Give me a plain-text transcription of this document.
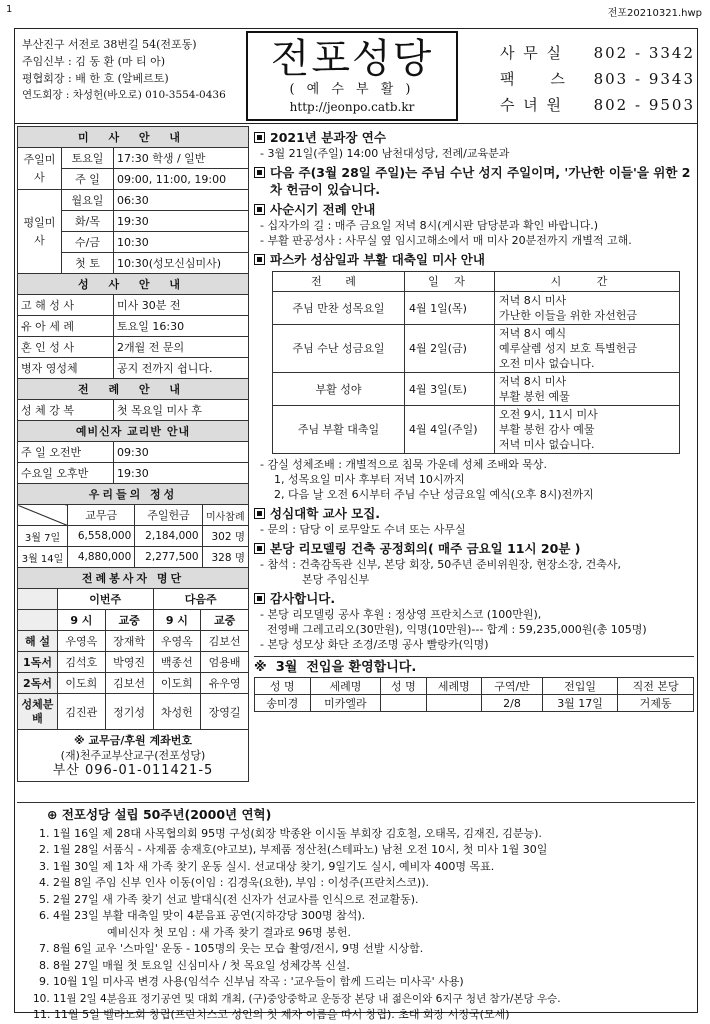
1	전포20210321.hwp
부산진구 서전로 38번길 54(전포동)
주임신부 : 김 동 환 (마 티 아)
평협회장 : 배 한 호 (알베르토)
연도회장 : 차성헌(바오로) 010-3554-0436
전포성당
( 예 수 부 활 )
http://jeonpo.catb.kr
사 무 실 802 - 3342
팩     스 803 - 9343
수 녀 원 802 - 9503
미 사 안 내		
주일미사	토요일	17:30 학생 / 일반
	주 일	09:00, 11:00, 19:00
평일미사	월요일	06:30
	화/목	19:30
	수/금	10:30
	첫 토	10:30(성모신심미사)
성 사 안 내	
고 해 성 사	미사 30분 전
유 아 세 례	토요일 16:30
혼 인 성 사	2개월 전 문의
병자 영성체	공지 전까지 쉽니다.
전 례 안 내	
성 체 강 복	첫 목요일 미사 후
예비신자 교리반 안내	
주 일 오전반	09:30
수요일 오후반	19:30
우리들의 정성			
	교무금	주일헌금	미사참례
3월 7일	6,558,000	2,184,000	302 명
3월 14일	4,880,000	2,277,500	328 명
전례봉사자 명단				
	이번주		다음주	
	9 시	교중	9 시	교중
해 설	우영옥	장재학	우영옥	김보선
1독서	김석호	박영진	백종선	엄용배
2독서	이도희	김보선	이도희	유우영
성체분배	김진관	정기성	차성헌	장영길
※ 교무금/후원 계좌번호
(재)천주교부산교구(전포성당)
부산 096-01-011421-5
2021년 분과장 연수
- 3월 21일(주일) 14:00 남천대성당, 전례/교육분과
다음 주(3월 28일 주일)는 주님 수난 성지 주일이며, '가난한 이들'을 위한 2차 헌금이 있습니다.
사순시기 전례 안내
- 십자가의 길 : 매주 금요일 저녁 8시(게시판 담당분과 확인 바랍니다.)
- 부활 판공성사 : 사무실 옆 임시고해소에서 매 미사 20분전까지 개별적 고해.
파스카 성삼일과 부활 대축일 미사 안내
전 례	일 자	시 간
주님 만찬 성목요일	4월 1일(목)	저녁 8시 미사
가난한 이들을 위한 자선헌금

주님 수난 성금요일	4월 2일(금)	저녁 8시 예식
예루살렘 성지 보호 특별헌금
오전 미사 없습니다.

부활 성야	4월 3일(토)	저녁 8시 미사
부활 봉헌 예물

주님 부활 대축일	4월 4일(주일)	오전 9시, 11시 미사
부활 봉헌 감사 예물
저녁 미사 없습니다.
- 감실 성체조배 : 개별적으로 침묵 가운데 성체 조배와 묵상.
1, 성목요일 미사 후부터 저녁 10시까지
2, 다음 날 오전 6시부터 주님 수난 성금요일 예식(오후 8시)전까지
성심대학 교사 모집.
- 문의 : 담당 이 로무알도 수녀 또는 사무실
본당 리모델링 건축 공정회의( 매주 금요일 11시 20분 )
- 참석 : 건축감독관 신부, 본당 회장, 50주년 준비위원장, 현장소장, 건축사,
본당 주임신부
감사합니다.
- 본당 리모델링 공사 후원 : 정상영 프란치스코 (100만원),
전영배 그레고리오(30만원), 익명(10만원)--- 합계 : 59,235,000원(총 105명)
- 본당 성모상 화단 조경/조명 공사 빨랑카(익명)
※  3월  전입을 환영합니다.
성 명	세례명	성 명	세례명	구역/반	전입일	직전 본당
송미경	미카엘라			2/8	3월 17일	거제동
⊕ 전포성당 설립 50주년(2000년 연혁)
1. 1월 16일 제 28대 사목협의회 95명 구성(회장 박종완 이시돌 부회장 김호철, 오태목, 김재진, 김분능).
2. 1월 28일 서품식 - 사제품 송재호(야고보), 부제품 정산천(스테파노) 남천 오전 10시, 첫 미사 1월 30일
3. 1월 30일 제 1차 새 가족 찾기 운동 실시. 선교대상 찾기, 9일기도 실시, 예비자 400명 목표.
4. 2월 8일 주임 신부 인사 이동(이임 : 김경욱(요한), 부임 : 이성주(프란치스코)).
5. 2월 27일 새 가족 찾기 선교 발대식(전 신자가 선교사를 인식으로 전교활동).
6. 4월 23일 부활 대축일 맞이 4분음표 공연(지하강당 300명 참석).
예비신자 첫 모임 : 새 가족 찾기 결과로 96명 봉헌.
7. 8월 6일 교우 '스마일' 운동 - 105명의 웃는 모습 촬영/전시, 9명 선발 시상함.
8. 8월 27일 매월 첫 토요일 신심미사 / 첫 목요일 성체강복 신설.
9. 10월 1일 미사곡 변경 사용(임석수 신부님 작곡 : '교우들이 함께 드리는 미사곡' 사용)
10. 11월 2일 4분음표 정기공연 및 대회 개최, (구)중앙중학교 운동장 본당 내 젊은이와 6지구 청년 참가/본당 우승.
11. 11월 5일 벨라노회 창립(프란치스코 성인의 첫 제자 이름을 따서 창립). 초대 회장 서정국(모세)
